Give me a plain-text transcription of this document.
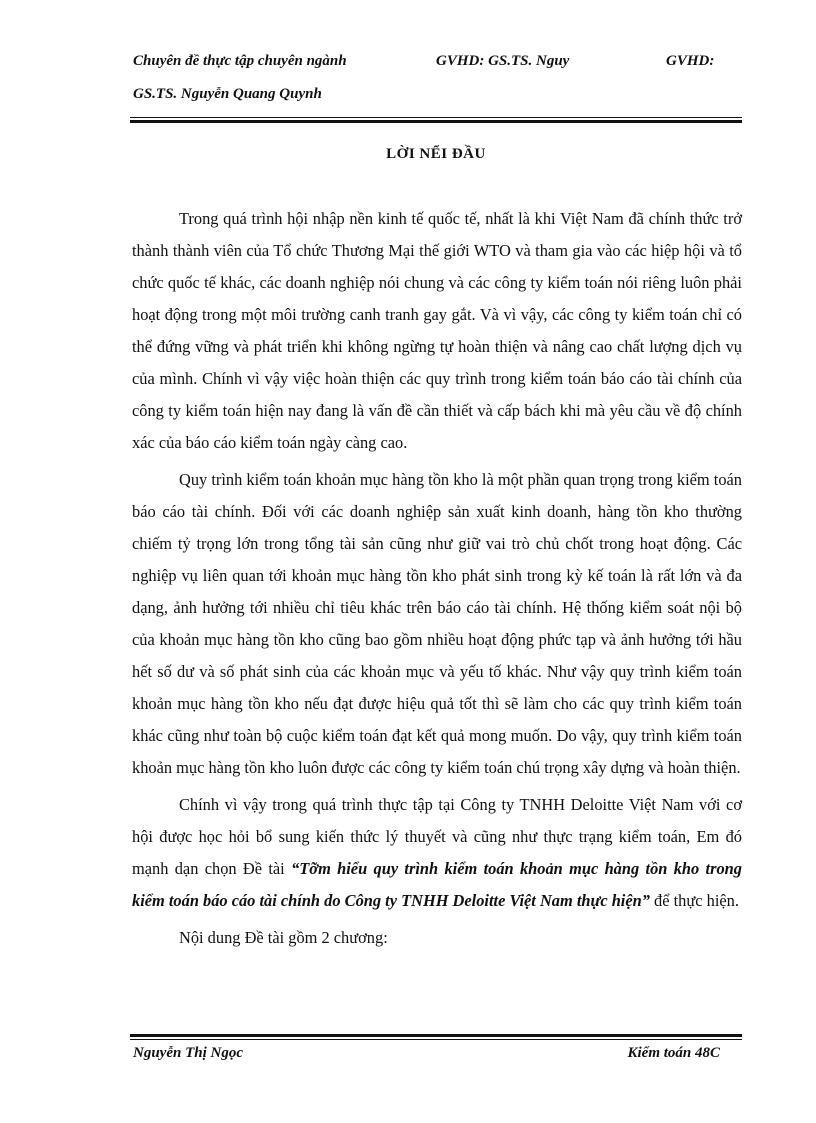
Chuyên đề thực tập chuyên ngành	GVHD: GS.TS. Nguy	GVHD:
GS.TS. Nguyễn Quang Quynh
LỜI NỂI ĐẦU

Trong quá trình hội nhập nền kinh tế quốc tế, nhất là khi Việt Nam đã chính thức trở thành thành viên của Tổ chức Thương Mại thế giới WTO và tham gia vào các hiệp hội và tổ chức quốc tế khác, các doanh nghiệp nói chung và các công ty kiểm toán nói riêng luôn phải hoạt động trong một môi trường canh tranh gay gắt. Và vì vậy, các công ty kiểm toán chỉ có thể đứng vững và phát triển khi không ngừng tự hoàn thiện và nâng cao chất lượng dịch vụ của mình. Chính vì vậy việc hoàn thiện các quy trình trong kiểm toán báo cáo tài chính của công ty kiểm toán hiện nay đang là vấn đề cần thiết và cấp bách khi mà yêu cầu về độ chính xác của báo cáo kiểm toán ngày càng cao.

Quy trình kiểm toán khoản mục hàng tồn kho là một phần quan trọng trong kiểm toán báo cáo tài chính. Đối với các doanh nghiệp sản xuất kinh doanh, hàng tồn kho thường chiếm tỷ trọng lớn trong tổng tài sản cũng như giữ vai trò chủ chốt trong hoạt động. Các nghiệp vụ liên quan tới khoản mục hàng tồn kho phát sinh trong kỳ kế toán là rất lớn và đa dạng, ảnh hưởng tới nhiều chỉ tiêu khác trên báo cáo tài chính. Hệ thống kiểm soát nội bộ của khoản mục hàng tồn kho cũng bao gồm nhiều hoạt động phức tạp và ảnh hưởng tới hầu hết số dư và số phát sinh của các khoản mục và yếu tố khác. Như vậy quy trình kiểm toán khoản mục hàng tồn kho nếu đạt được hiệu quả tốt thì sẽ làm cho các quy trình kiểm toán khác cũng như toàn bộ cuộc kiểm toán đạt kết quả mong muốn. Do vậy, quy trình kiểm toán khoản mục hàng tồn kho luôn được các công ty kiểm toán chú trọng xây dựng và hoàn thiện.

Chính vì vậy trong quá trình thực tập tại Công ty TNHH Deloitte Việt Nam với cơ hội được học hỏi bổ sung kiến thức lý thuyết và cũng như thực trạng kiểm toán, Em đó mạnh dạn chọn Đề tài “Tỡm hiểu quy trình kiểm toán khoản mục hàng tồn kho trong kiểm toán báo cáo tài chính do Công ty TNHH Deloitte Việt Nam thực hiện” để thực hiện.

Nội dung Đề tài gồm 2 chương:

Nguyễn Thị Ngọc	Kiểm toán 48C
